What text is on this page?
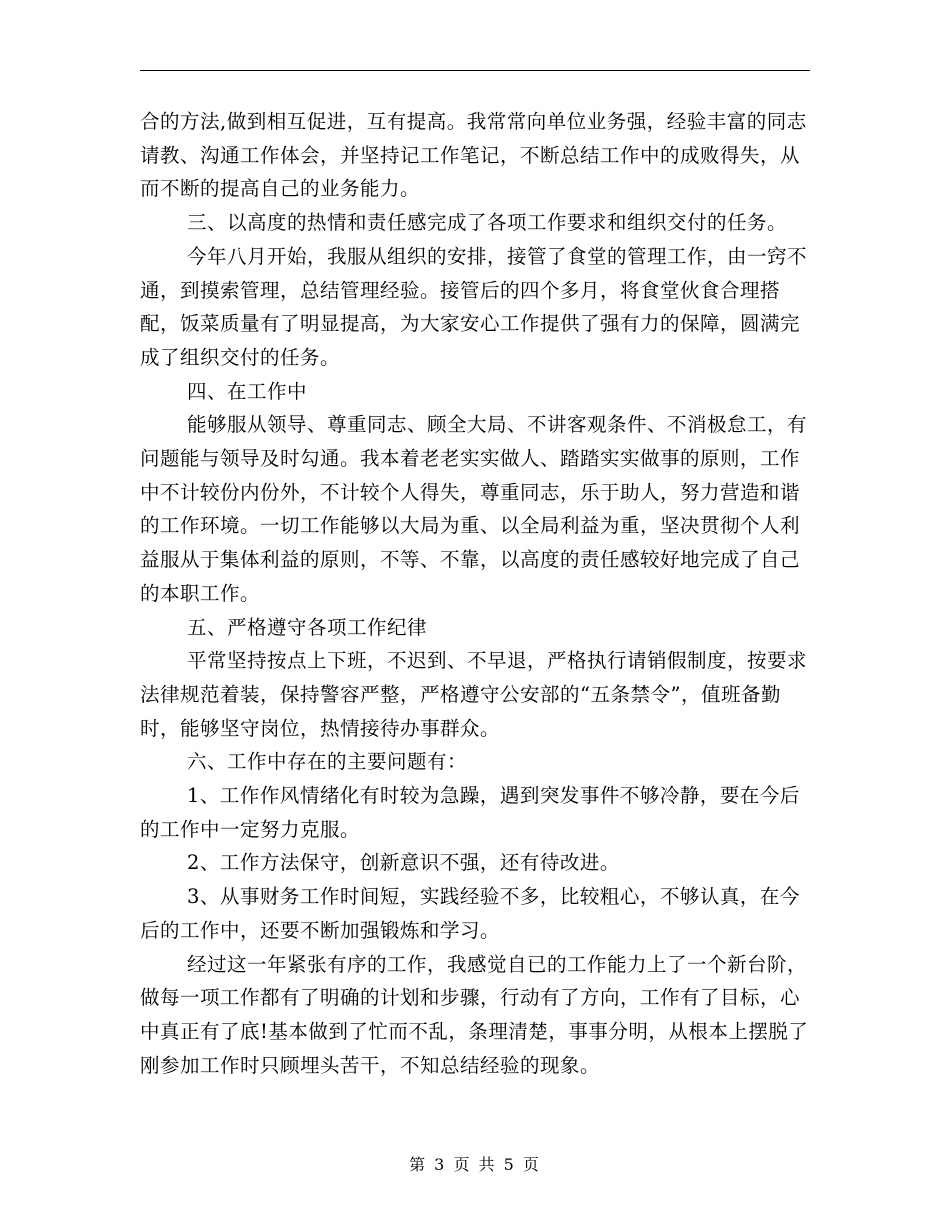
合的方法,做到相互促进，互有提高。我常常向单位业务强，经验丰富的同志请教、沟通工作体会，并坚持记工作笔记，不断总结工作中的成败得失，从而不断的提高自己的业务能力。

三、以高度的热情和责任感完成了各项工作要求和组织交付的任务。

今年八月开始，我服从组织的安排，接管了食堂的管理工作，由一窍不通，到摸索管理，总结管理经验。接管后的四个多月，将食堂伙食合理搭配，饭菜质量有了明显提高，为大家安心工作提供了强有力的保障，圆满完成了组织交付的任务。

四、在工作中

能够服从领导、尊重同志、顾全大局、不讲客观条件、不消极怠工，有问题能与领导及时勾通。我本着老老实实做人、踏踏实实做事的原则，工作中不计较份内份外，不计较个人得失，尊重同志，乐于助人，努力营造和谐的工作环境。一切工作能够以大局为重、以全局利益为重，坚决贯彻个人利益服从于集体利益的原则，不等、不靠，以高度的责任感较好地完成了自己的本职工作。

五、严格遵守各项工作纪律

平常坚持按点上下班，不迟到、不早退，严格执行请销假制度，按要求法律规范着装，保持警容严整，严格遵守公安部的“五条禁令”，值班备勤时，能够坚守岗位，热情接待办事群众。

六、工作中存在的主要问题有：

1、工作作风情绪化有时较为急躁，遇到突发事件不够冷静，要在今后的工作中一定努力克服。

2、工作方法保守，创新意识不强，还有待改进。

3、从事财务工作时间短，实践经验不多，比较粗心，不够认真，在今后的工作中，还要不断加强锻炼和学习。

经过这一年紧张有序的工作，我感觉自已的工作能力上了一个新台阶，做每一项工作都有了明确的计划和步骤，行动有了方向，工作有了目标，心中真正有了底!基本做到了忙而不乱，条理清楚，事事分明，从根本上摆脱了刚参加工作时只顾埋头苦干，不知总结经验的现象。

第 3 页 共 5 页
